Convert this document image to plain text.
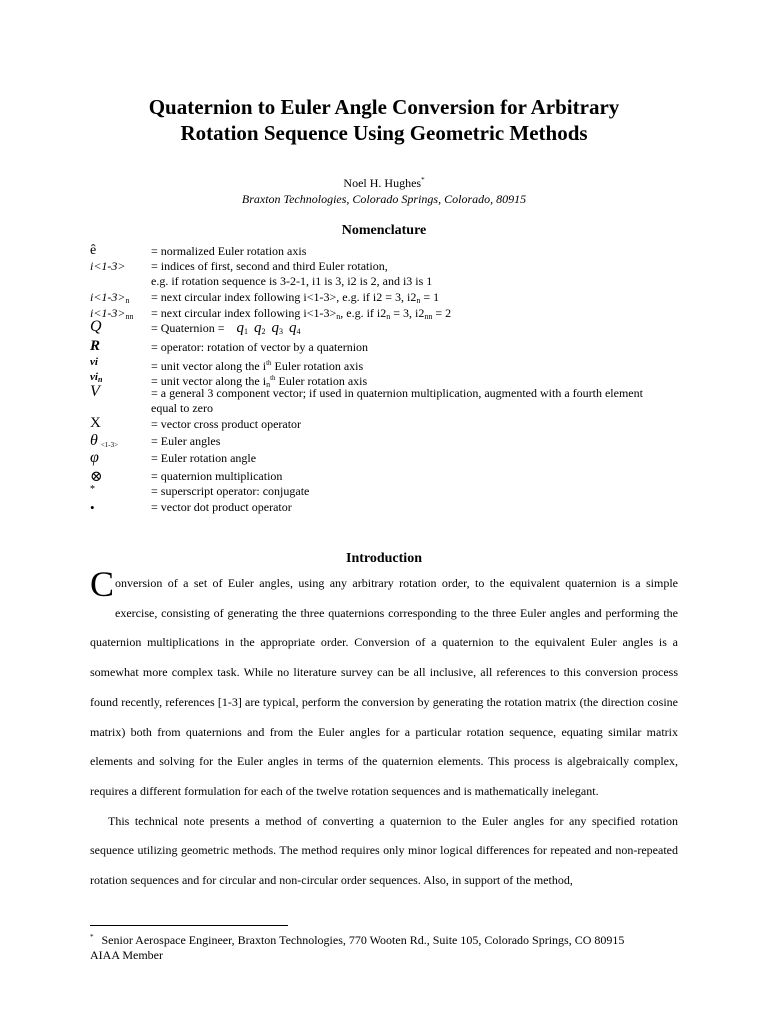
Quaternion to Euler Angle Conversion for Arbitrary
Rotation Sequence Using Geometric Methods
Noel H. Hughes*
Braxton Technologies, Colorado Springs, Colorado, 80915
Nomenclature
ê	= normalized Euler rotation axis
i<1-3>	= indices of first, second and third Euler rotation,
e.g. if rotation sequence is 3-2-1, i1 is 3, i2 is 2, and i3 is 1
$i<1-3>_n$	= next circular index following i<1-3>, e.g. if i2 = 3, $i2_n = 1$
$i<1-3>_{nn}$	= next circular index following $i<1-3>_n$, e.g. if $i2_n = 3$, $i2_{nn} = 2$
Q	= Quaternion = $q_1$ $q_2$ $q_3$ $q_4$
R	= operator: rotation of vector by a quaternion
vi	= unit vector along the $i^{th}$ Euler rotation axis
$vi_n$	= unit vector along the $i_n^{th}$ Euler rotation axis
V	= a general 3 component vector; if used in quaternion multiplication, augmented with a fourth element
equal to zero
X	= vector cross product operator
θ $_{<1-3>}$	= Euler angles
φ	= Euler rotation angle
⊗	= quaternion multiplication
*	= superscript operator: conjugate
•	= vector dot product operator
Introduction

Conversion of a set of Euler angles, using any arbitrary rotation order, to the equivalent quaternion is a simple exercise, consisting of generating the three quaternions corresponding to the three Euler angles and performing the quaternion multiplications in the appropriate order. Conversion of a quaternion to the equivalent Euler angles is a somewhat more complex task. While no literature survey can be all inclusive, all references to this conversion process found recently, references [1-3] are typical, perform the conversion by generating the rotation matrix (the direction cosine matrix) both from quaternions and from the Euler angles for a particular rotation sequence, equating similar matrix elements and solving for the Euler angles in terms of the quaternion elements. This process is algebraically complex, requires a different formulation for each of the twelve rotation sequences and is mathematically inelegant.

This technical note presents a method of converting a quaternion to the Euler angles for any specified rotation sequence utilizing geometric methods. The method requires only minor logical differences for repeated and non-repeated rotation sequences and for circular and non-circular order sequences. Also, in support of the method,

* Senior Aerospace Engineer, Braxton Technologies, 770 Wooten Rd., Suite 105, Colorado Springs, CO 80915
AIAA Member
